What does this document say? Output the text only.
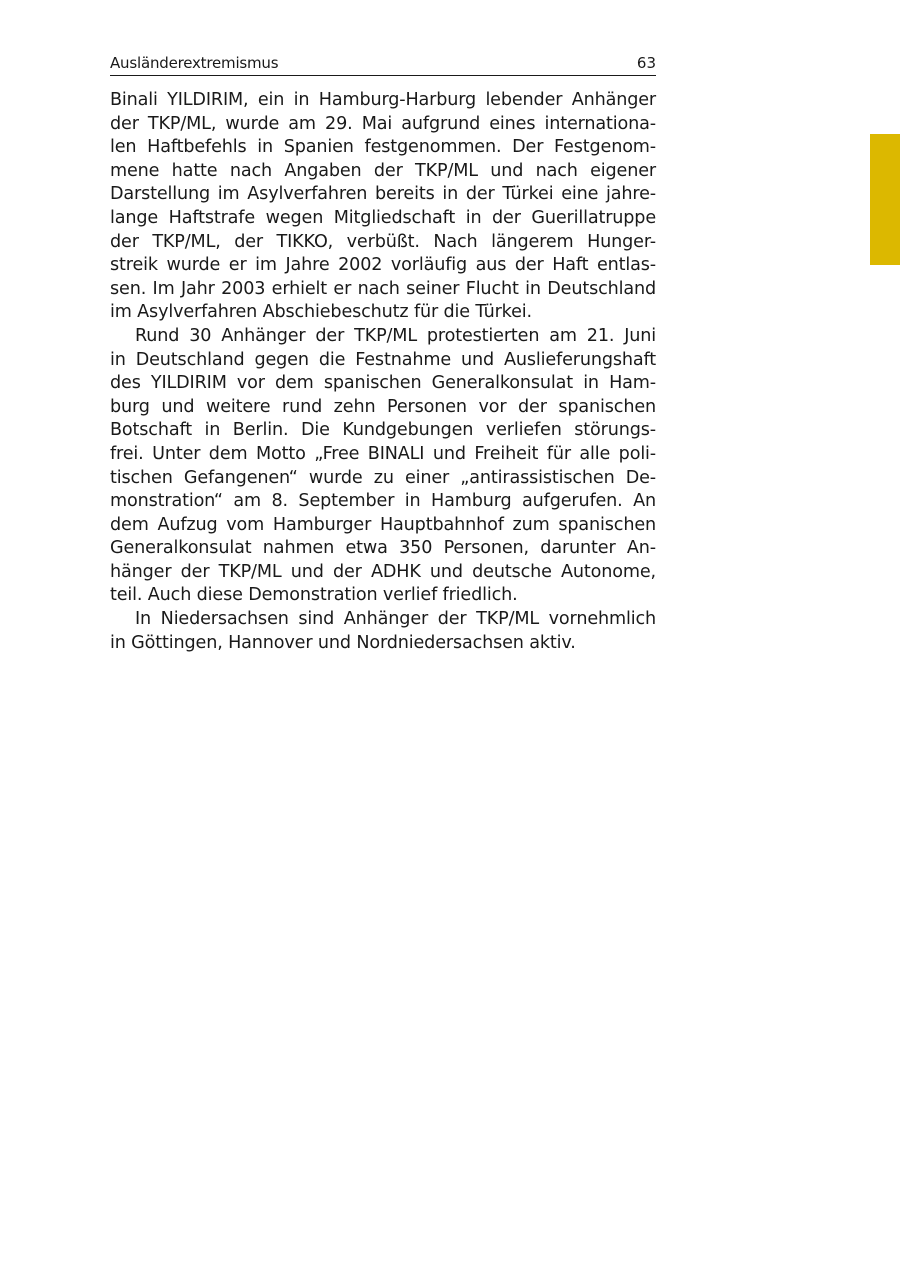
Ausländerextremismus	63
Binali YILDIRIM, ein in Hamburg-Harburg lebender Anhänger
der TKP/ML, wurde am 29. Mai aufgrund eines internationa-
len Haftbefehls in Spanien festgenommen. Der Festgenom-
mene hatte nach Angaben der TKP/ML und nach eigener
Darstellung im Asylverfahren bereits in der Türkei eine jahre-
lange Haftstrafe wegen Mitgliedschaft in der Guerillatruppe
der TKP/ML, der TIKKO, verbüßt. Nach längerem Hunger-
streik wurde er im Jahre 2002 vorläufig aus der Haft entlas-
sen. Im Jahr 2003 erhielt er nach seiner Flucht in Deutschland
im Asylverfahren Abschiebeschutz für die Türkei.
Rund 30 Anhänger der TKP/ML protestierten am 21. Juni
in Deutschland gegen die Festnahme und Auslieferungshaft
des YILDIRIM vor dem spanischen Generalkonsulat in Ham-
burg und weitere rund zehn Personen vor der spanischen
Botschaft in Berlin. Die Kundgebungen verliefen störungs-
frei. Unter dem Motto „Free BINALI und Freiheit für alle poli-
tischen Gefangenen“ wurde zu einer „antirassistischen De-
monstration“ am 8. September in Hamburg aufgerufen. An
dem Aufzug vom Hamburger Hauptbahnhof zum spanischen
Generalkonsulat nahmen etwa 350 Personen, darunter An-
hänger der TKP/ML und der ADHK und deutsche Autonome,
teil. Auch diese Demonstration verlief friedlich.
In Niedersachsen sind Anhänger der TKP/ML vornehmlich
in Göttingen, Hannover und Nordniedersachsen aktiv.
